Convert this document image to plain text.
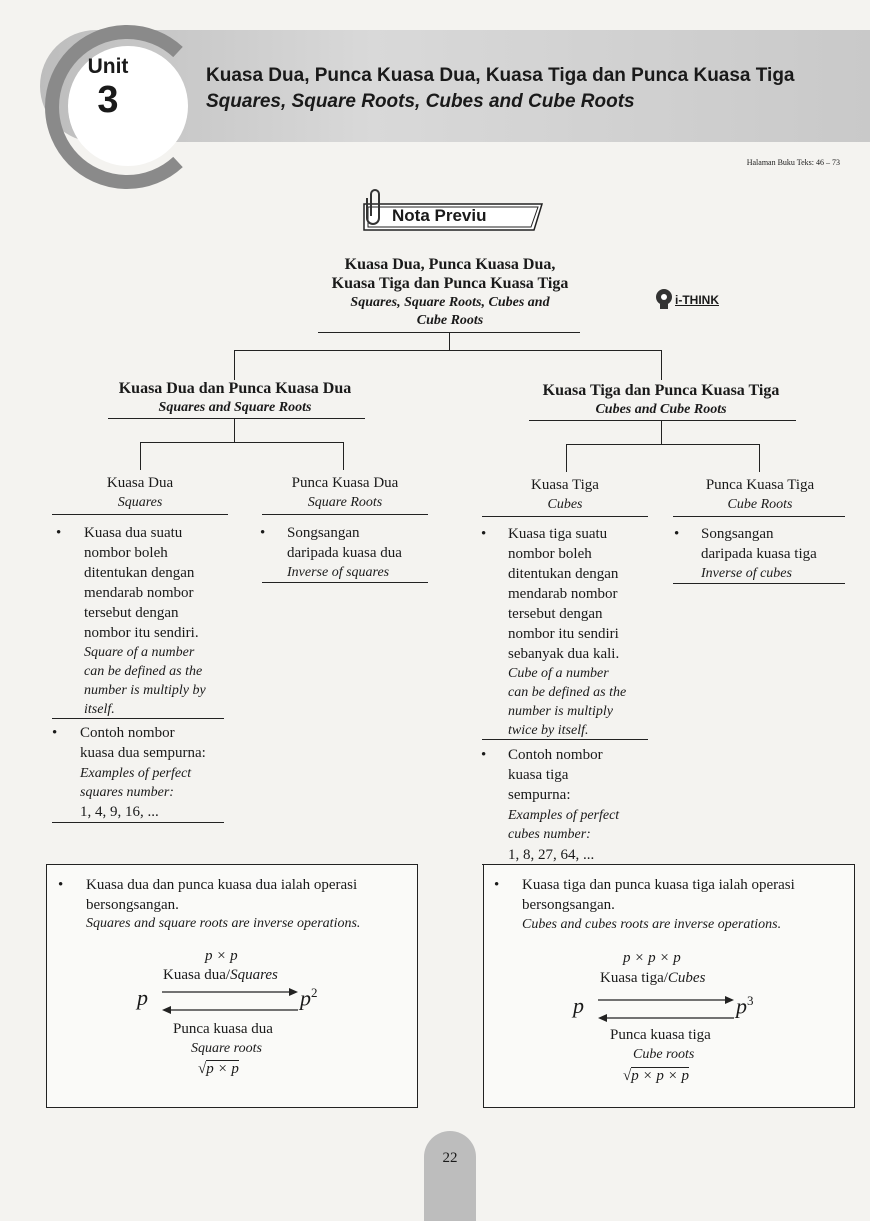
Unit
3
Kuasa Dua, Punca Kuasa Dua, Kuasa Tiga dan Punca Kuasa Tiga
Squares, Square Roots, Cubes and Cube Roots
Halaman Buku Teks: 46 – 73
Nota Previu
i-THINK
Kuasa Dua, Punca Kuasa Dua,
Kuasa Tiga dan Punca Kuasa Tiga
Squares, Square Roots, Cubes and
Cube Roots
Kuasa Dua dan Punca Kuasa Dua
Squares and Square Roots
Kuasa Tiga dan Punca Kuasa Tiga
Cubes and Cube Roots
Kuasa Dua
Squares
• Kuasa dua suatu
nombor boleh
ditentukan dengan
mendarab nombor
tersebut dengan
nombor itu sendiri.
Square of a number
can be defined as the
number is multiply by
itself.
• Contoh nombor
kuasa dua sempurna:
Examples of perfect
squares number:
1, 4, 9, 16, ...
Punca Kuasa Dua
Square Roots
• Songsangan
daripada kuasa dua
Inverse of squares
Kuasa Tiga
Cubes
• Kuasa tiga suatu
nombor boleh
ditentukan dengan
mendarab nombor
tersebut dengan
nombor itu sendiri
sebanyak dua kali.
Cube of a number
can be defined as the
number is multiply
twice by itself.
• Contoh nombor
kuasa tiga
sempurna:
Examples of perfect
cubes number:
1, 8, 27, 64, ...
Punca Kuasa Tiga
Cube Roots
• Songsangan
daripada kuasa tiga
Inverse of cubes
• Kuasa dua dan punca kuasa dua ialah operasi
bersongsangan.
Squares and square roots are inverse operations.
p × p
Kuasa dua/Squares
p	$p^2$
Punca kuasa dua
Square roots
√p × p
• Kuasa tiga dan punca kuasa tiga ialah operasi
bersongsangan.
Cubes and cubes roots are inverse operations.
p × p × p
Kuasa tiga/Cubes
p	$p^3$
Punca kuasa tiga
Cube roots
√p × p × p
22
